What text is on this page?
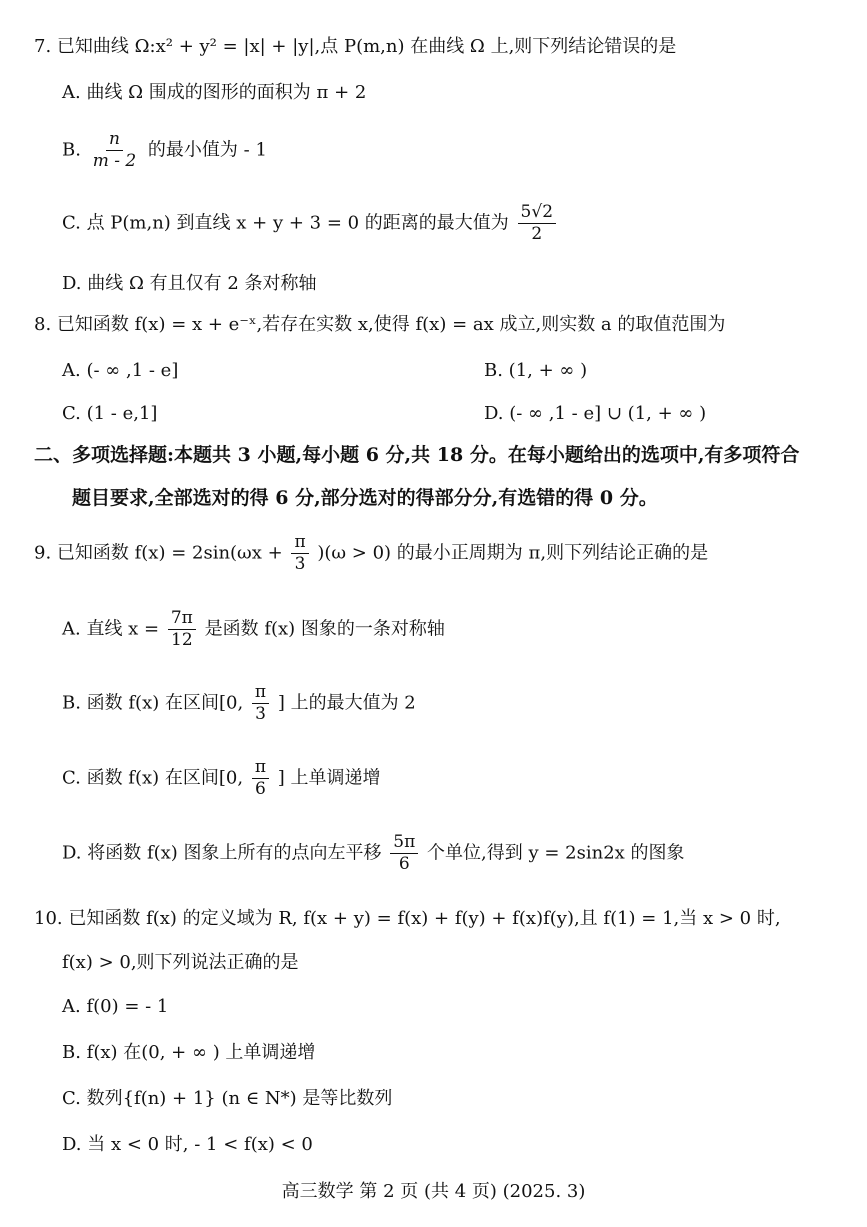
7. 已知曲线 Ω:x² + y² = |x| + |y|,点 P(m,n) 在曲线 Ω 上,则下列结论错误的是
A. 曲线 Ω 围成的图形的面积为 π + 2
B. $\frac{n}{m - 2}$ 的最小值为 - 1
C. 点 P(m,n) 到直线 x + y + 3 = 0 的距离的最大值为 $\frac{5√2}{2}$
D. 曲线 Ω 有且仅有 2 条对称轴
8. 已知函数 f(x) = x + e⁻ˣ,若存在实数 x,使得 f(x) = ax 成立,则实数 a 的取值范围为
A. (- ∞ ,1 - e]	B. (1, + ∞ )
C. (1 - e,1]	D. (- ∞ ,1 - e] ∪ (1, + ∞ )
二、多项选择题:本题共 3 小题,每小题 6 分,共 18 分。在每小题给出的选项中,有多项符合
题目要求,全部选对的得 6 分,部分选对的得部分分,有选错的得 0 分。
9. 已知函数 $f(x) = 2\sin(\omega x + \frac{\pi}{3} )(\omega > 0)$ 的最小正周期为 π,则下列结论正确的是
A. 直线 $x = \frac{7\pi}{12}$ 是函数 f(x) 图象的一条对称轴
B. 函数 f(x) 在区间[0, $\frac{\pi}{3}$ ] 上的最大值为 2
C. 函数 f(x) 在区间[0, $\frac{\pi}{6}$ ] 上单调递增
D. 将函数 f(x) 图象上所有的点向左平移 $\frac{5\pi}{6}$ 个单位,得到 y = 2sin2x 的图象
10. 已知函数 f(x) 的定义域为 R, f(x + y) = f(x) + f(y) + f(x)f(y),且 f(1) = 1,当 x > 0 时,
f(x) > 0,则下列说法正确的是
A. f(0) = - 1
B. f(x) 在(0, + ∞ ) 上单调递增
C. 数列{f(n) + 1} (n ∈ N*) 是等比数列
D. 当 x < 0 时, - 1 < f(x) < 0
高三数学 第 2 页 (共 4 页) (2025. 3)
